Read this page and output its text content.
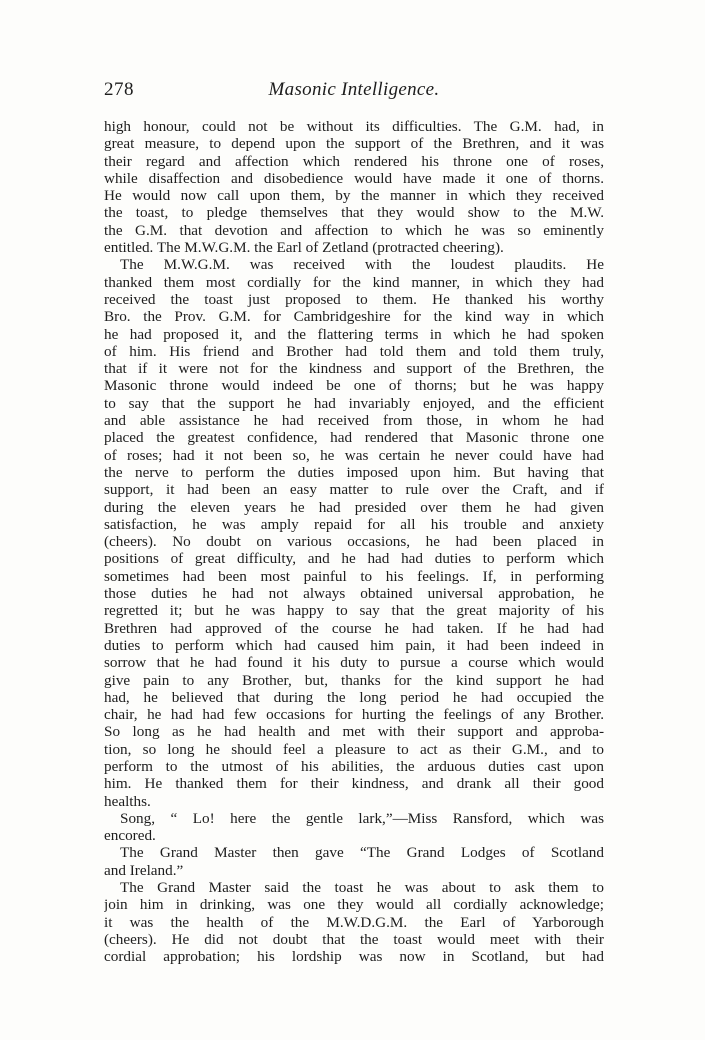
278	Masonic Intelligence.
high honour, could not be without its difficulties. The G.M. had, in
great measure, to depend upon the support of the Brethren, and it was
their regard and affection which rendered his throne one of roses,
while disaffection and disobedience would have made it one of thorns.
He would now call upon them, by the manner in which they received
the toast, to pledge themselves that they would show to the M.W.
the G.M. that devotion and affection to which he was so eminently
entitled. The M.W.G.M. the Earl of Zetland (protracted cheering).
The M.W.G.M. was received with the loudest plaudits. He
thanked them most cordially for the kind manner, in which they had
received the toast just proposed to them. He thanked his worthy
Bro. the Prov. G.M. for Cambridgeshire for the kind way in which
he had proposed it, and the flattering terms in which he had spoken
of him. His friend and Brother had told them and told them truly,
that if it were not for the kindness and support of the Brethren, the
Masonic throne would indeed be one of thorns; but he was happy
to say that the support he had invariably enjoyed, and the efficient
and able assistance he had received from those, in whom he had
placed the greatest confidence, had rendered that Masonic throne one
of roses; had it not been so, he was certain he never could have had
the nerve to perform the duties imposed upon him. But having that
support, it had been an easy matter to rule over the Craft, and if
during the eleven years he had presided over them he had given
satisfaction, he was amply repaid for all his trouble and anxiety
(cheers). No doubt on various occasions, he had been placed in
positions of great difficulty, and he had had duties to perform which
sometimes had been most painful to his feelings. If, in performing
those duties he had not always obtained universal approbation, he
regretted it; but he was happy to say that the great majority of his
Brethren had approved of the course he had taken. If he had had
duties to perform which had caused him pain, it had been indeed in
sorrow that he had found it his duty to pursue a course which would
give pain to any Brother, but, thanks for the kind support he had
had, he believed that during the long period he had occupied the
chair, he had had few occasions for hurting the feelings of any Brother.
So long as he had health and met with their support and approba-
tion, so long he should feel a pleasure to act as their G.M., and to
perform to the utmost of his abilities, the arduous duties cast upon
him. He thanked them for their kindness, and drank all their good
healths.
Song, “ Lo! here the gentle lark,”—Miss Ransford, which was
encored.
The Grand Master then gave “The Grand Lodges of Scotland
and Ireland.”
The Grand Master said the toast he was about to ask them to
join him in drinking, was one they would all cordially acknowledge;
it was the health of the M.W.D.G.M. the Earl of Yarborough
(cheers). He did not doubt that the toast would meet with their
cordial approbation; his lordship was now in Scotland, but had
